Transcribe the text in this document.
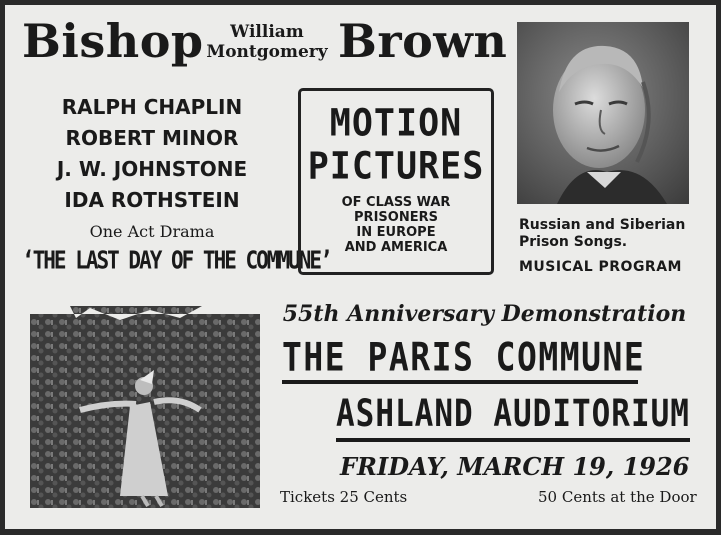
Bishop	William
Montgomery Brown
RALPH CHAPLIN
ROBERT MINOR
J. W. JOHNSTONE
IDA ROTHSTEIN
One Act Drama
‘THE LAST DAY OF THE COMMUNE’
MOTION
PICTURES
OF CLASS WAR
PRISONERS
IN EUROPE
AND AMERICA
Russian and Siberian
Prison Songs.
MUSICAL PROGRAM
55th Anniversary Demonstration
THE PARIS COMMUNE
ASHLAND AUDITORIUM
FRIDAY, MARCH 19, 1926
Tickets 25 Cents	50 Cents at the Door
